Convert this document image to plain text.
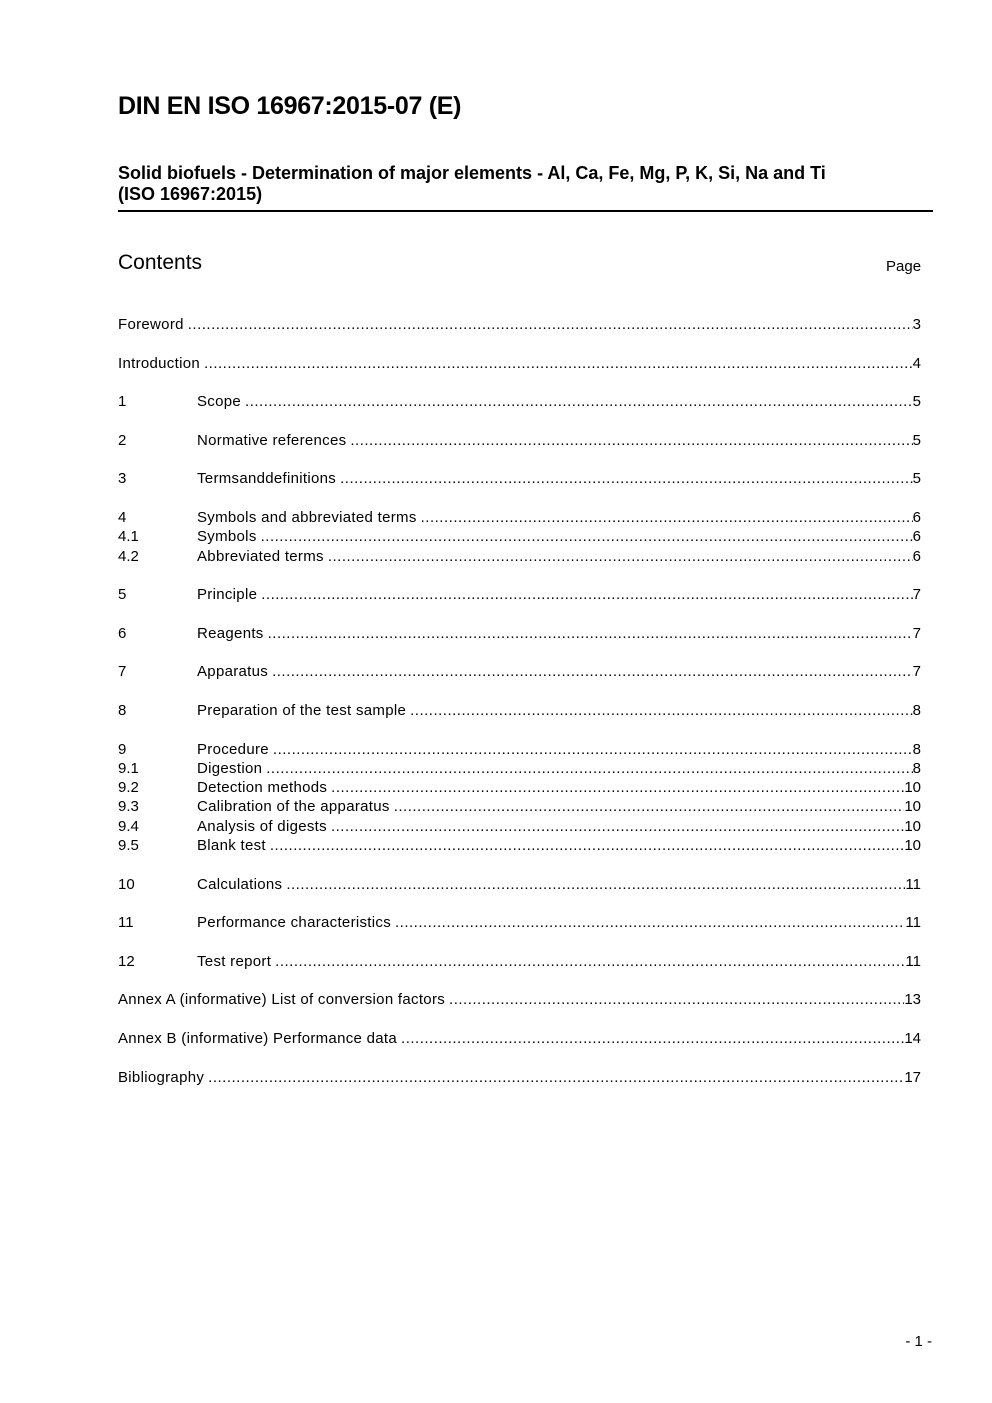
DIN EN ISO 16967:2015-07 (E)
Solid biofuels - Determination of major elements - Al, Ca, Fe, Mg, P, K, Si, Na and Ti
(ISO 16967:2015)
Contents	Page
Foreword .....	3
Introduction .....	4
1	Scope .....	5
2	Normative references .....	5
3	Termsanddefinitions .....	5
4	Symbols and abbreviated terms .....	6
4.1	Symbols .....	6
4.2	Abbreviated terms .....	6
5	Principle .....	7
6	Reagents .....	7
7	Apparatus .....	7
8	Preparation of the test sample .....	8
9	Procedure .....	8
9.1	Digestion .....	8
9.2	Detection methods .....	10
9.3	Calibration of the apparatus .....	10
9.4	Analysis of digests .....	10
9.5	Blank test .....	10
10	Calculations .....	11
11	Performance characteristics .....	11
12	Test report .....	11
Annex A (informative) List of conversion factors .....	13
Annex B (informative) Performance data .....	14
Bibliography .....	17
- 1 -
